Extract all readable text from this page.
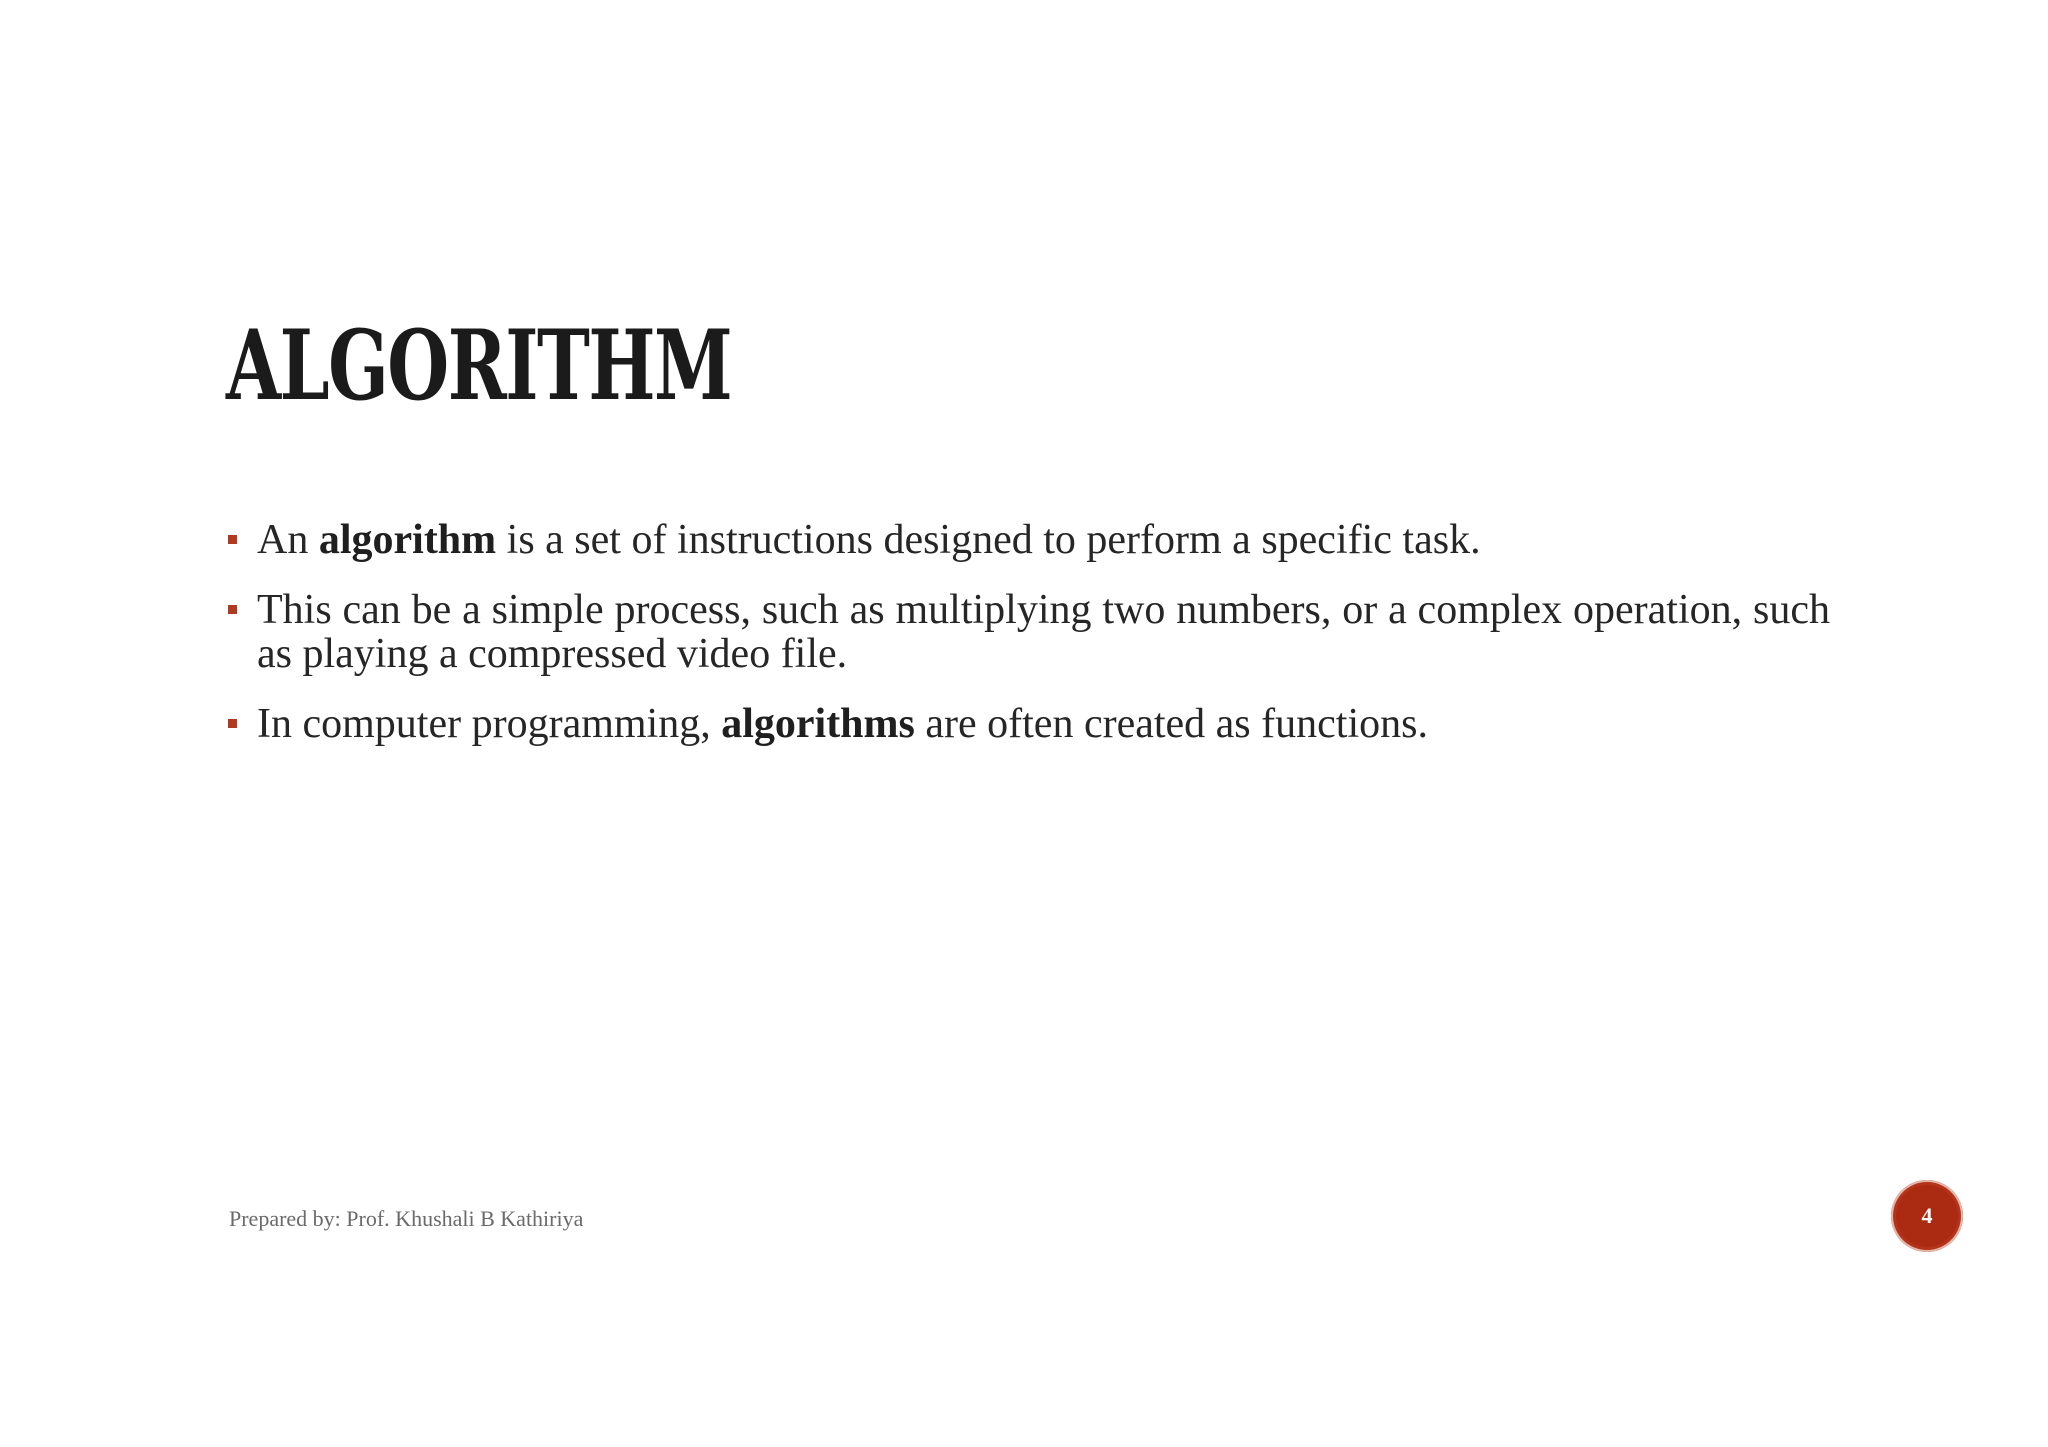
ALGORITHM
An algorithm is a set of instructions designed to perform a specific task.
This can be a simple process, such as multiplying two numbers, or a complex operation, such as playing a compressed video file.
In computer programming, algorithms are often created as functions.
Prepared by: Prof. Khushali B Kathiriya	4
